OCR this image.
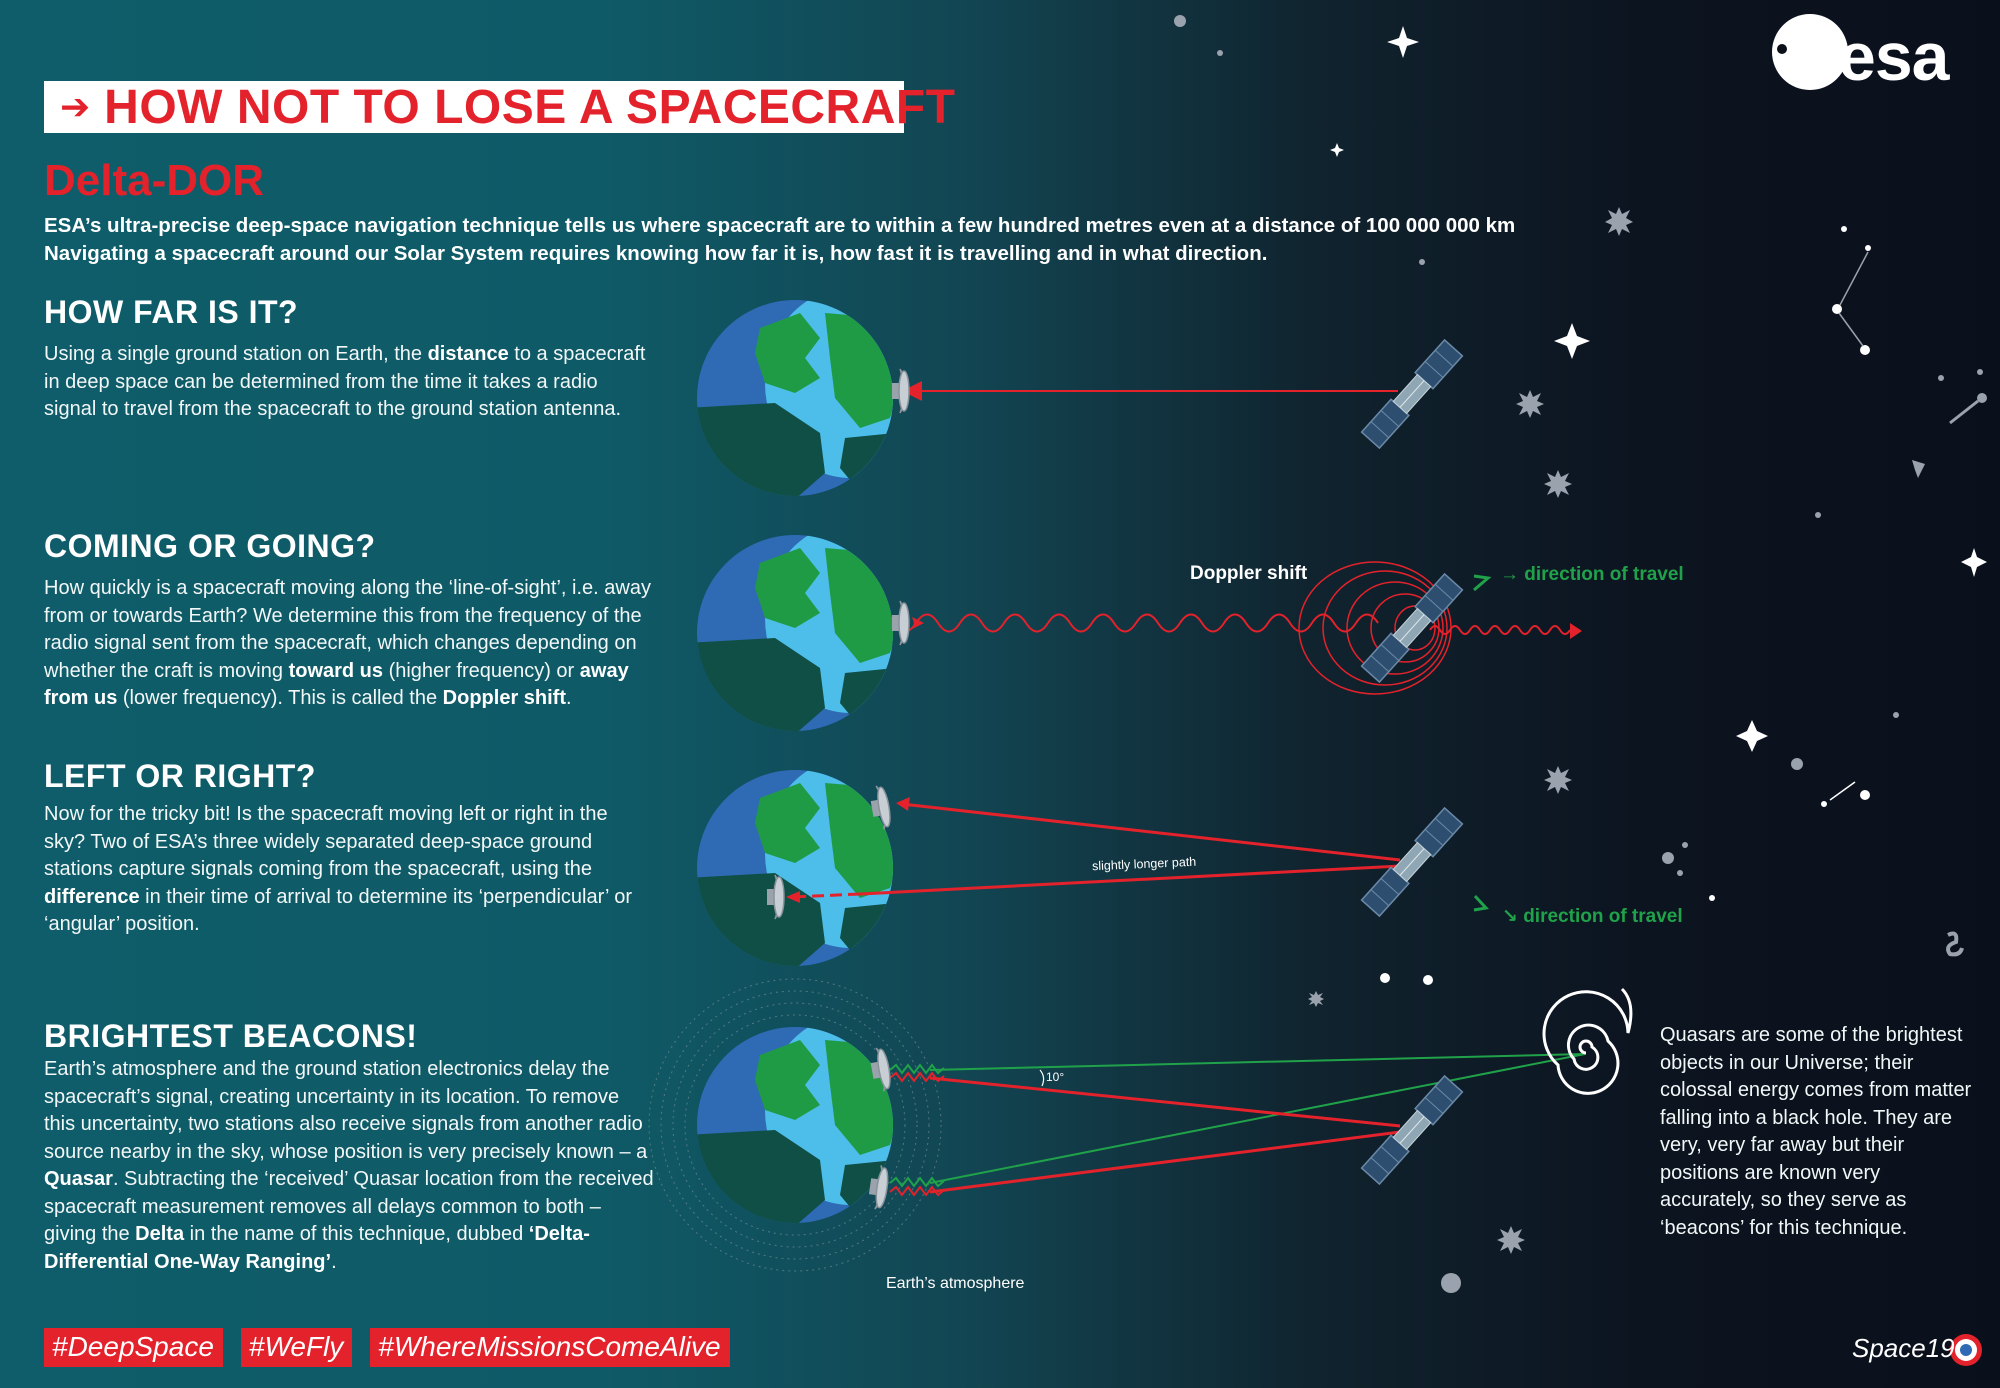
➔ HOW NOT TO LOSE A SPACECRAFT
esa
Delta-DOR
ESA’s ultra-precise deep-space navigation technique tells us where spacecraft are to within a few hundred metres even at a distance of 100 000 000 km
Navigating a spacecraft around our Solar System requires knowing how far it is, how fast it is travelling and in what direction.
HOW FAR IS IT?
Using a single ground station on Earth, the distance to a spacecraft in deep space can be determined from the time it takes a radio signal to travel from the spacecraft to the ground station antenna.
COMING OR GOING?
How quickly is a spacecraft moving along the ‘line-of-sight’, i.e. away from or towards Earth? We determine this from the frequency of the radio signal sent from the spacecraft, which changes depending on whether the craft is moving toward us (higher frequency) or away from us (lower frequency). This is called the Doppler shift.
LEFT OR RIGHT?
Now for the tricky bit! Is the spacecraft moving left or right in the sky? Two of ESA’s three widely separated deep-space ground stations capture signals coming from the spacecraft, using the difference in their time of arrival to determine its ‘perpendicular’ or ‘angular’ position.
BRIGHTEST BEACONS!
Earth’s atmosphere and the ground station electronics delay the spacecraft’s signal, creating uncertainty in its location. To remove this uncertainty, two stations also receive signals from another radio source nearby in the sky, whose position is very precisely known – a Quasar. Subtracting the ‘received’ Quasar location from the received spacecraft measurement removes all delays common to both – giving the Delta in the name of this technique, dubbed ‘Delta-Differential One-Way Ranging’.
Doppler shift	→ direction of travel
slightly longer path
↘ direction of travel
10°
Earth’s atmosphere
Quasars are some of the brightest objects in our Universe; their colossal energy comes from matter falling into a black hole. They are very, very far away but their positions are known very accurately, so they serve as ‘beacons’ for this technique.
#DeepSpace	#WeFly	#WhereMissionsComeAlive	Space19
